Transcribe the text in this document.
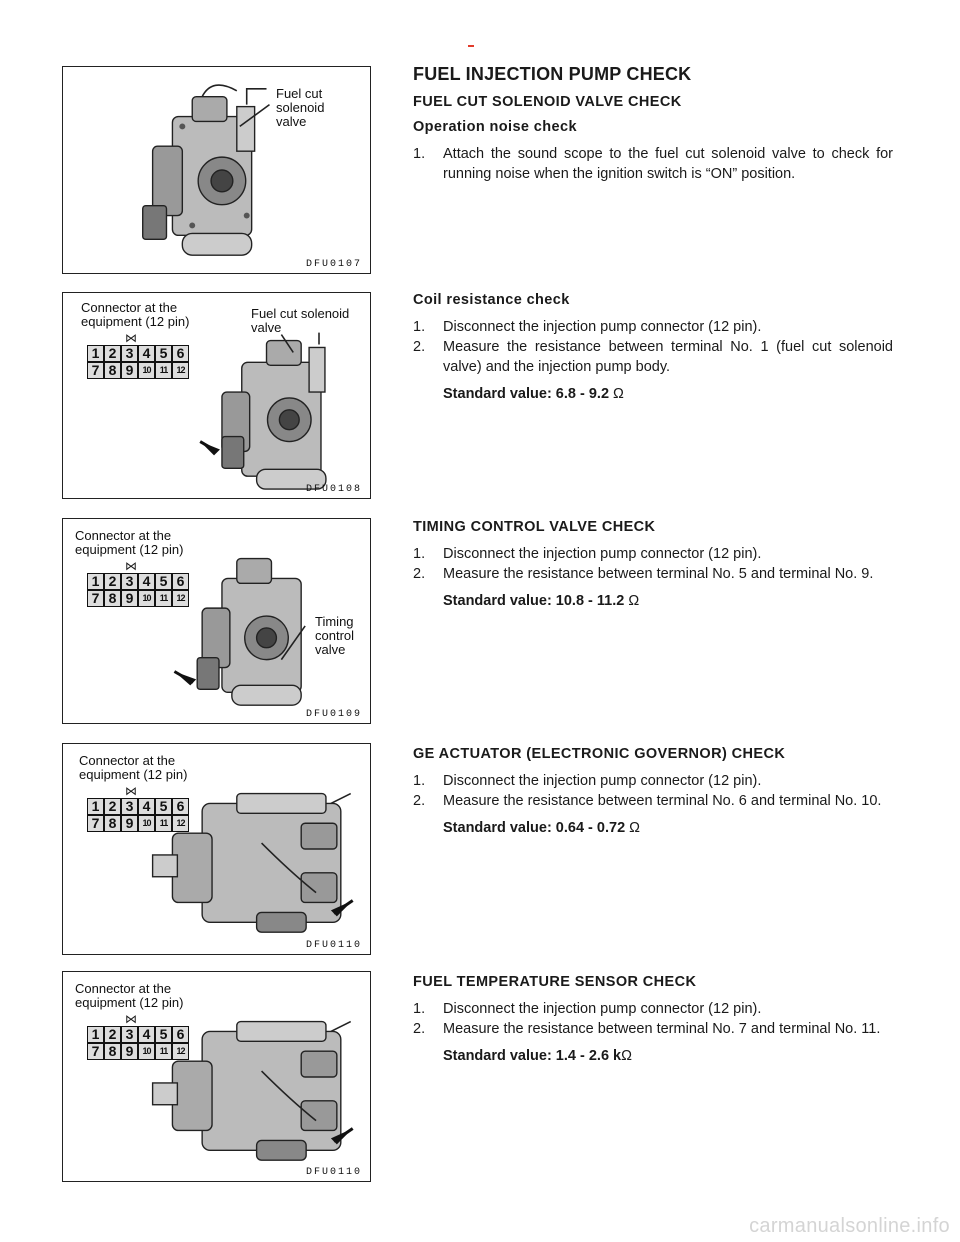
Fuel cut
solenoid
valve
DFU0107
Connector at the
equipment (12 pin)
⋈
1 2 3 4 5 6
7 8 9	10	11	12
Fuel cut solenoid
valve
DFU0108
Connector at the
equipment (12 pin)
⋈
1 2 3 4 5 6
7 8 9	10	11	12
Timing
control
valve
DFU0109
Connector at the
equipment (12 pin)
⋈
1 2 3 4 5 6
7 8 9	10	11	12
DFU0110
Connector at the
equipment (12 pin)
⋈
1 2 3 4 5 6
7 8 9	10	11	12
DFU0110
FUEL INJECTION PUMP CHECK
FUEL CUT SOLENOID VALVE CHECK
Operation noise check

1. Attach the sound scope to the fuel cut solenoid valve to check for running noise when the ignition switch is “ON” position.

Coil resistance check

1. Disconnect the injection pump connector (12 pin).

2. Measure the resistance between terminal No. 1 (fuel cut solenoid valve) and the injection pump body.

Standard value: 6.8 - 9.2 Ω
TIMING CONTROL VALVE CHECK

1. Disconnect the injection pump connector (12 pin).

2. Measure the resistance between terminal No. 5 and terminal No. 9.

Standard value: 10.8 - 11.2 Ω
GE ACTUATOR (ELECTRONIC GOVERNOR) CHECK

1. Disconnect the injection pump connector (12 pin).

2. Measure the resistance between terminal No. 6 and terminal No. 10.

Standard value: 0.64 - 0.72 Ω
FUEL TEMPERATURE SENSOR CHECK

1. Disconnect the injection pump connector (12 pin).

2. Measure the resistance between terminal No. 7 and terminal No. 11.

Standard value: 1.4 - 2.6 kΩ
carmanualsonline.info
